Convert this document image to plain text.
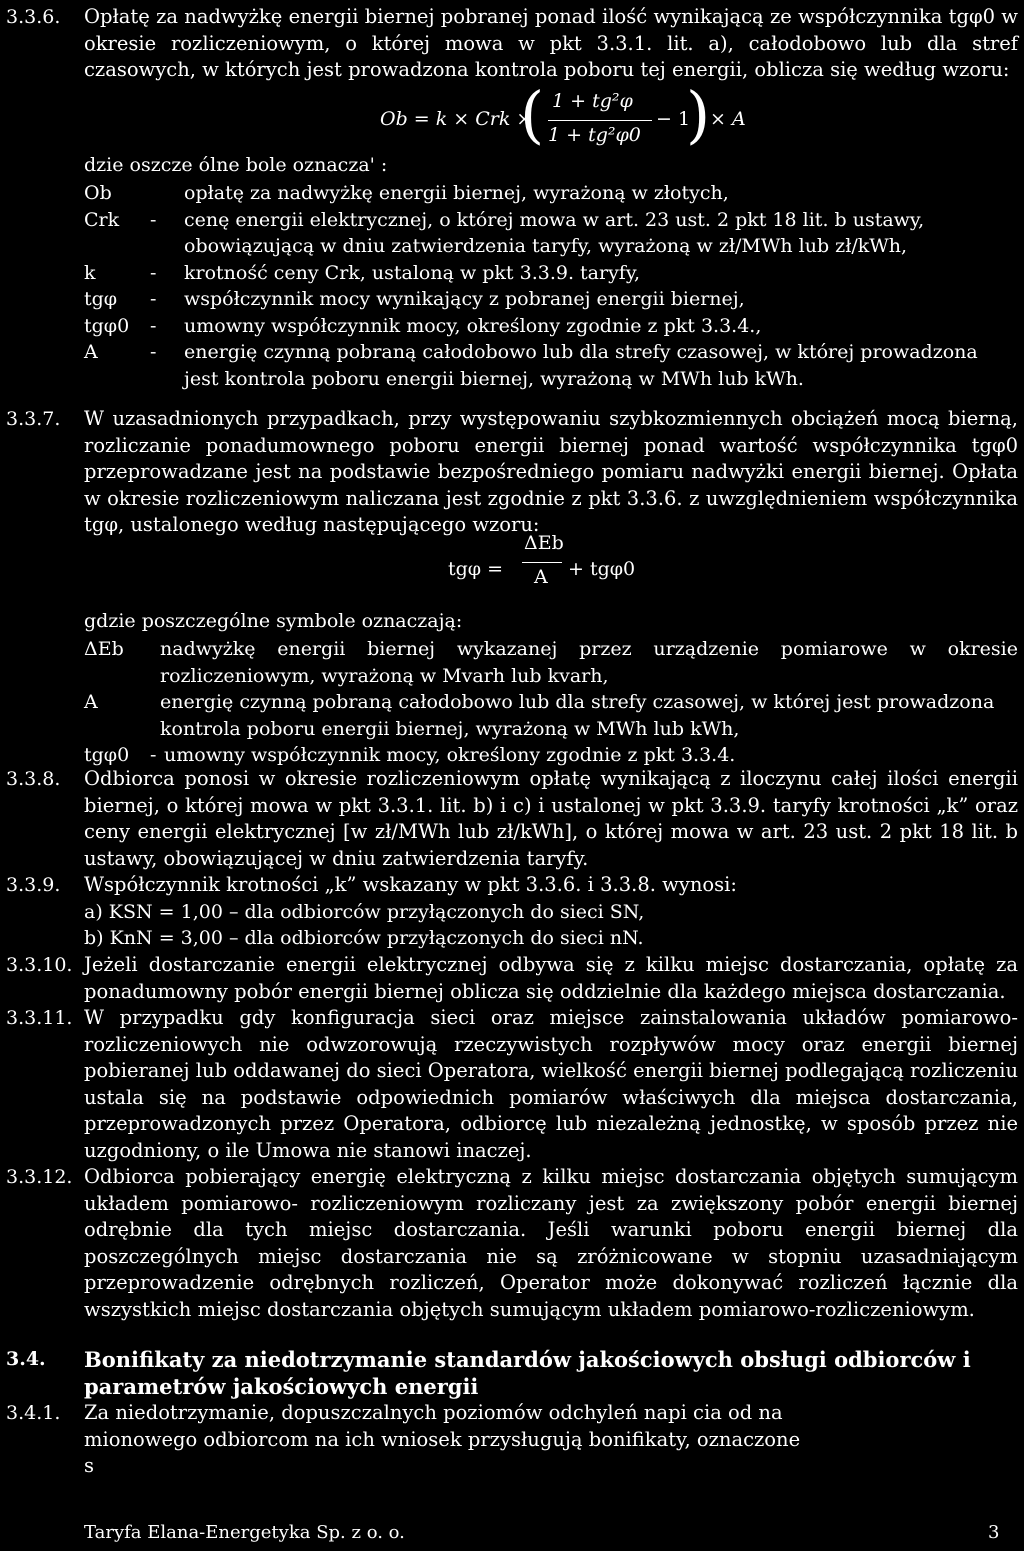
3.3.6. Opłatę za nadwyżkę energii biernej pobranej ponad ilość wynikającą ze współczynnika tgφ0 w okresie rozliczeniowym, o której mowa w pkt 3.3.1. lit. a), całodobowo lub dla stref czasowych, w których jest prowadzona kontrola poboru tej energii, oblicza się według wzoru:
Ob = k × Crk ×
( 1 + tg²φ
1 + tg²φ0
− 1
) × A
dzie oszcze ólne bole oznacza' :
Ob	opłatę za nadwyżkę energii biernej, wyrażoną w złotych,
Crk	-	cenę energii elektrycznej, o której mowa w art. 23 ust. 2 pkt 18 lit. b ustawy, obowiązującą w dniu zatwierdzenia taryfy, wyrażoną w zł/MWh lub zł/kWh,
k	-	krotność ceny Crk, ustaloną w pkt 3.3.9. taryfy,
tgφ	-	współczynnik mocy wynikający z pobranej energii biernej,
tgφ0	-	umowny współczynnik mocy, określony zgodnie z pkt 3.3.4.,
A	-	energię czynną pobraną całodobowo lub dla strefy czasowej, w której prowadzona jest kontrola poboru energii biernej, wyrażoną w MWh lub kWh.
3.3.7. W uzasadnionych przypadkach, przy występowaniu szybkozmiennych obciążeń mocą bierną, rozliczanie ponadumownego poboru energii biernej ponad wartość współczynnika tgφ0 przeprowadzane jest na podstawie bezpośredniego pomiaru nadwyżki energii biernej. Opłata w okresie rozliczeniowym naliczana jest zgodnie z pkt 3.3.6. z uwzględnieniem współczynnika tgφ, ustalonego według następującego wzoru:
tgφ =
ΔEb
A + tgφ0
gdzie poszczególne symbole oznaczają:
ΔEb	nadwyżkę energii biernej wykazanej przez urządzenie pomiarowe w okresie rozliczeniowym, wyrażoną w Mvarh lub kvarh,
A	energię czynną pobraną całodobowo lub dla strefy czasowej, w której jest prowadzona kontrola poboru energii biernej, wyrażoną w MWh lub kWh,
tgφ0	- umowny współczynnik mocy, określony zgodnie z pkt 3.3.4.
3.3.8. Odbiorca ponosi w okresie rozliczeniowym opłatę wynikającą z iloczynu całej ilości energii biernej, o której mowa w pkt 3.3.1. lit. b) i c) i ustalonej w pkt 3.3.9. taryfy krotności „k” oraz ceny energii elektrycznej [w zł/MWh lub zł/kWh], o której mowa w art. 23 ust. 2 pkt 18 lit. b ustawy, obowiązującej w dniu zatwierdzenia taryfy.
3.3.9. Współczynnik krotności „k” wskazany w pkt 3.3.6. i 3.3.8. wynosi:
a) KSN = 1,00 – dla odbiorców przyłączonych do sieci SN,
b) KnN = 3,00 – dla odbiorców przyłączonych do sieci nN.
3.3.10. Jeżeli dostarczanie energii elektrycznej odbywa się z kilku miejsc dostarczania, opłatę za ponadumowny pobór energii biernej oblicza się oddzielnie dla każdego miejsca dostarczania.
3.3.11. W przypadku gdy konfiguracja sieci oraz miejsce zainstalowania układów pomiarowo-rozliczeniowych nie odwzorowują rzeczywistych rozpływów mocy oraz energii biernej pobieranej lub oddawanej do sieci Operatora, wielkość energii biernej podlegającą rozliczeniu ustala się na podstawie odpowiednich pomiarów właściwych dla miejsca dostarczania, przeprowadzonych przez Operatora, odbiorcę lub niezależną jednostkę, w sposób przez nie uzgodniony, o ile Umowa nie stanowi inaczej.
3.3.12. Odbiorca pobierający energię elektryczną z kilku miejsc dostarczania objętych sumującym układem pomiarowo- rozliczeniowym rozliczany jest za zwiększony pobór energii biernej odrębnie dla tych miejsc dostarczania. Jeśli warunki poboru energii biernej dla poszczególnych miejsc dostarczania nie są zróżnicowane w stopniu uzasadniającym przeprowadzenie odrębnych rozliczeń, Operator może dokonywać rozliczeń łącznie dla wszystkich miejsc dostarczania objętych sumującym układem pomiarowo-rozliczeniowym.
3.4. Bonifikaty za niedotrzymanie standardów jakościowych obsługi odbiorców i parametrów jakościowych energii
3.4.1. Za niedotrzymanie, dopuszczalnych poziomów odchyleń napi cia od na mionowego odbiorcom na ich wniosek przysługują bonifikaty, oznaczone s
Taryfa Elana-Energetyka Sp. z o. o.	3
